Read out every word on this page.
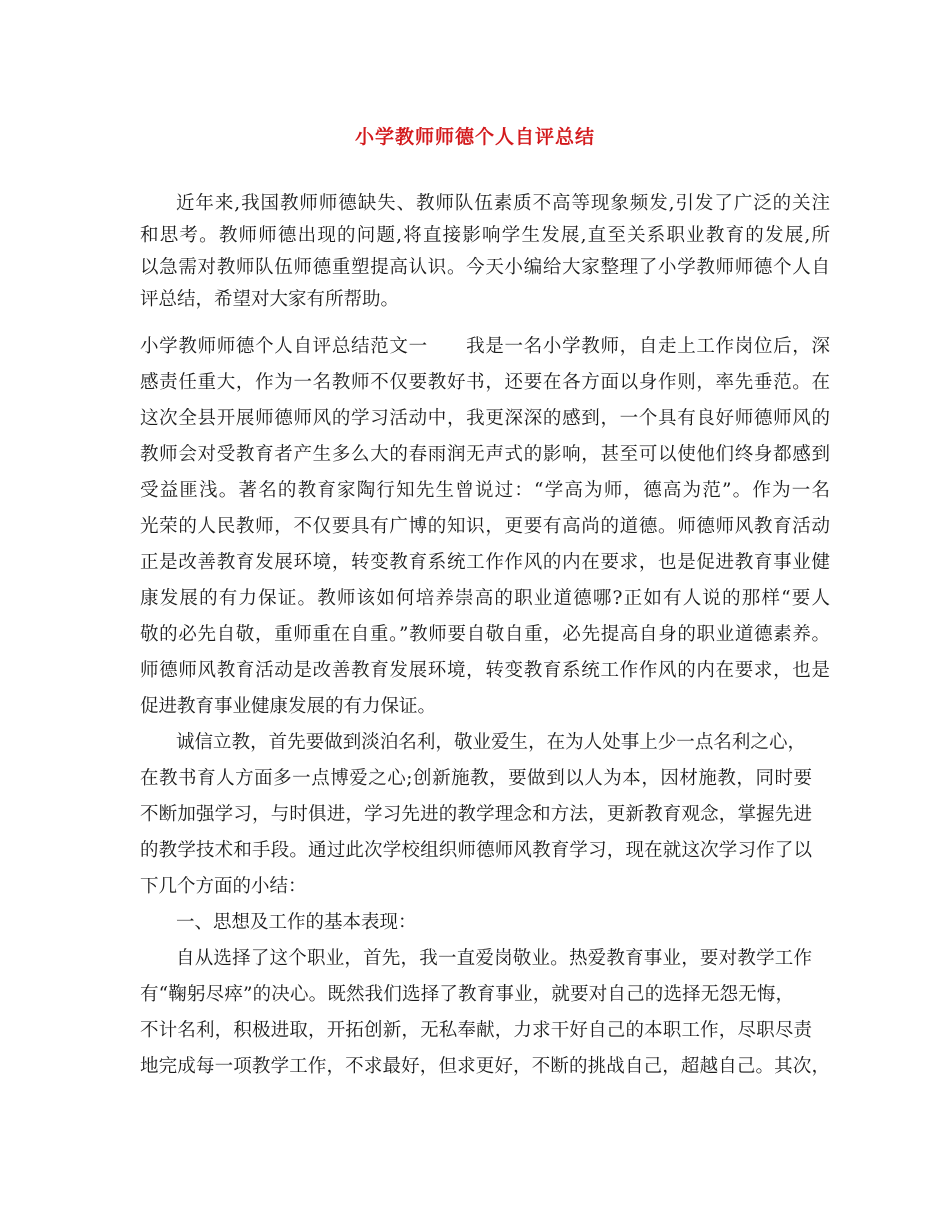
小学教师师德个人自评总结
近年来,我国教师师德缺失、教师队伍素质不高等现象频发,引发了广泛的关注
和思考。教师师德出现的问题,将直接影响学生发展,直至关系职业教育的发展,所
以急需对教师队伍师德重塑提高认识。今天小编给大家整理了小学教师师德个人自
评总结，希望对大家有所帮助。
小学教师师德个人自评总结范文一　　我是一名小学教师，自走上工作岗位后，深
感责任重大，作为一名教师不仅要教好书，还要在各方面以身作则，率先垂范。在
这次全县开展师德师风的学习活动中，我更深深的感到，一个具有良好师德师风的
教师会对受教育者产生多么大的春雨润无声式的影响，甚至可以使他们终身都感到
受益匪浅。著名的教育家陶行知先生曾说过：“学高为师，德高为范”。作为一名
光荣的人民教师，不仅要具有广博的知识，更要有高尚的道德。师德师风教育活动
正是改善教育发展环境，转变教育系统工作作风的内在要求，也是促进教育事业健
康发展的有力保证。教师该如何培养崇高的职业道德哪?正如有人说的那样“要人
敬的必先自敬，重师重在自重。”教师要自敬自重，必先提高自身的职业道德素养。
师德师风教育活动是改善教育发展环境，转变教育系统工作作风的内在要求，也是
促进教育事业健康发展的有力保证。
诚信立教，首先要做到淡泊名利，敬业爱生，在为人处事上少一点名利之心，
在教书育人方面多一点博爱之心;创新施教，要做到以人为本，因材施教，同时要
不断加强学习，与时俱进，学习先进的教学理念和方法，更新教育观念，掌握先进
的教学技术和手段。通过此次学校组织师德师风教育学习，现在就这次学习作了以
下几个方面的小结：
一、思想及工作的基本表现：
自从选择了这个职业，首先，我一直爱岗敬业。热爱教育事业，要对教学工作
有“鞠躬尽瘁”的决心。既然我们选择了教育事业，就要对自己的选择无怨无悔，
不计名利，积极进取，开拓创新，无私奉献，力求干好自己的本职工作，尽职尽责
地完成每一项教学工作，不求最好，但求更好，不断的挑战自己，超越自己。其次，
